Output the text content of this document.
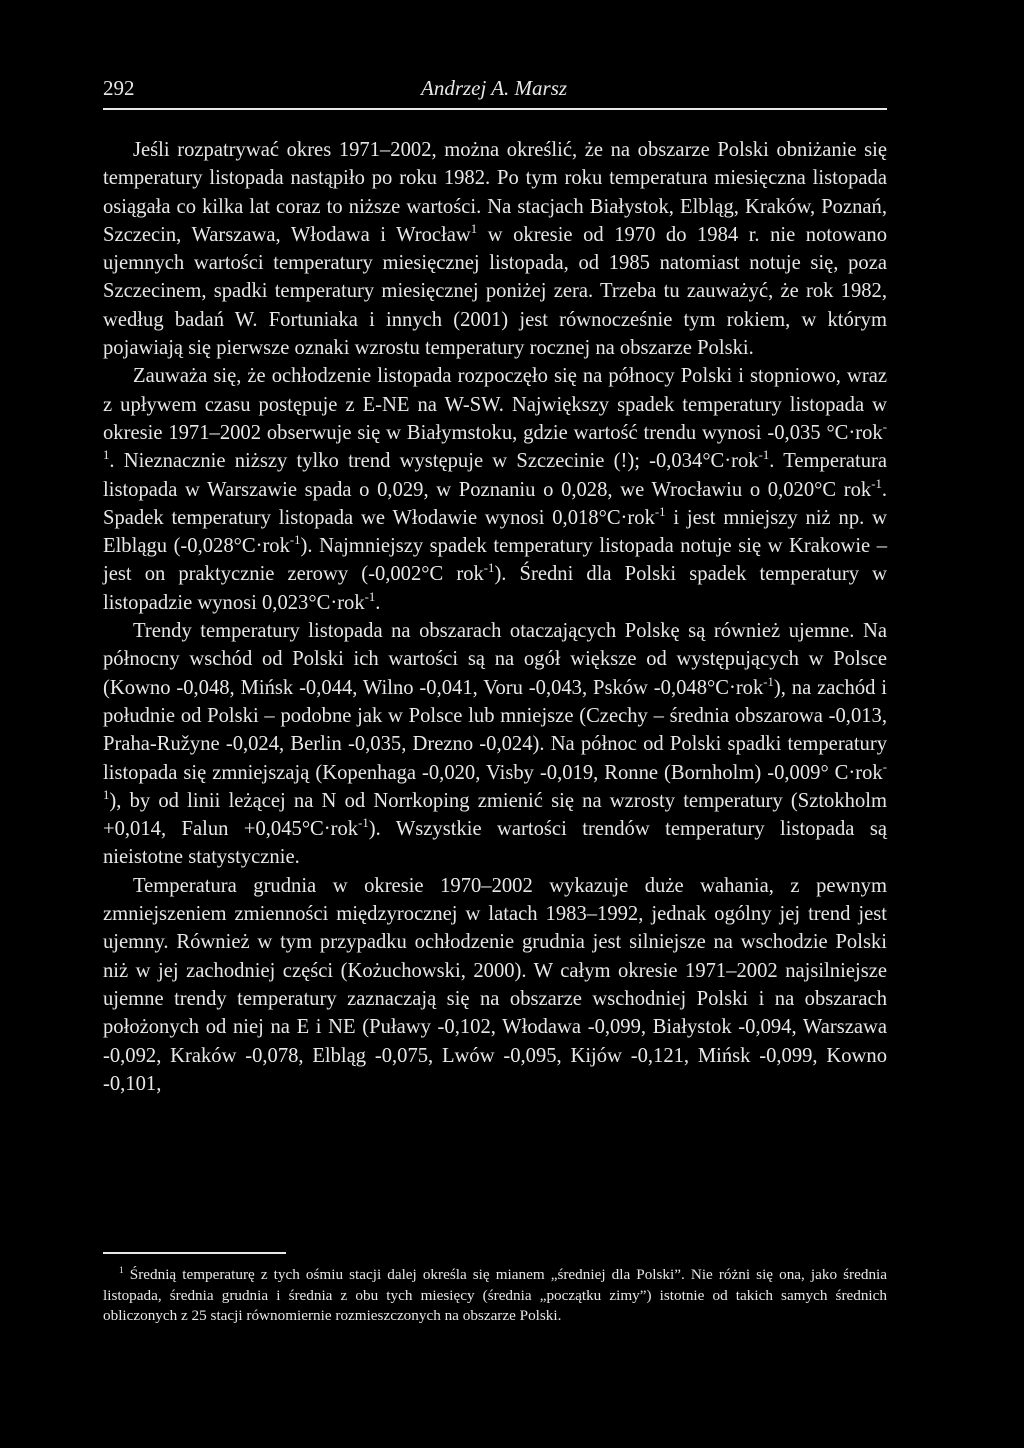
292	Andrzej A. Marsz

Jeśli rozpatrywać okres 1971–2002, można określić, że na obszarze Polski obniżanie się temperatury listopada nastąpiło po roku 1982. Po tym roku temperatura miesięczna listopada osiągała co kilka lat coraz to niższe wartości. Na stacjach Białystok, Elbląg, Kraków, Poznań, Szczecin, Warszawa, Włodawa i Wrocław$^1$ w okresie od 1970 do 1984 r. nie notowano ujemnych wartości temperatury miesięcznej listopada, od 1985 natomiast notuje się, poza Szczecinem, spadki temperatury miesięcznej poniżej zera. Trzeba tu zauważyć, że rok 1982, według badań W. Fortuniaka i innych (2001) jest równocześnie tym rokiem, w którym pojawiają się pierwsze oznaki wzrostu temperatury rocznej na obszarze Polski.

Zauważa się, że ochłodzenie listopada rozpoczęło się na północy Polski i stopniowo, wraz z upływem czasu postępuje z E-NE na W-SW. Największy spadek temperatury listopada w okresie 1971–2002 obserwuje się w Białymstoku, gdzie wartość trendu wynosi -0,035 °C·rok$^{-1}$. Nieznacznie niższy tylko trend występuje w Szczecinie (!); -0,034°C·rok$^{-1}$. Temperatura listopada w Warszawie spada o 0,029, w Poznaniu o 0,028, we Wrocławiu o 0,020°C rok$^{-1}$. Spadek temperatury listopada we Włodawie wynosi 0,018°C·rok$^{-1}$ i jest mniejszy niż np. w Elblągu (-0,028°C·rok$^{-1}$). Najmniejszy spadek temperatury listopada notuje się w Krakowie – jest on praktycznie zerowy (-0,002°C rok$^{-1}$). Średni dla Polski spadek temperatury w listopadzie wynosi 0,023°C·rok$^{-1}$.

Trendy temperatury listopada na obszarach otaczających Polskę są również ujemne. Na północny wschód od Polski ich wartości są na ogół większe od występujących w Polsce (Kowno -0,048, Mińsk -0,044, Wilno -0,041, Voru -0,043, Psków -0,048°C·rok$^{-1}$), na zachód i południe od Polski – podobne jak w Polsce lub mniejsze (Czechy – średnia obszarowa -0,013, Praha-Ružyne -0,024, Berlin -0,035, Drezno -0,024). Na północ od Polski spadki temperatury listopada się zmniejszają (Kopenhaga -0,020, Visby -0,019, Ronne (Bornholm) -0,009° C·rok$^{-1}$), by od linii leżącej na N od Norrkoping zmienić się na wzrosty temperatury (Sztokholm +0,014, Falun +0,045°C·rok$^{-1}$). Wszystkie wartości trendów temperatury listopada są nieistotne statystycznie.

Temperatura grudnia w okresie 1970–2002 wykazuje duże wahania, z pewnym zmniejszeniem zmienności międzyrocznej w latach 1983–1992, jednak ogólny jej trend jest ujemny. Również w tym przypadku ochłodzenie grudnia jest silniejsze na wschodzie Polski niż w jej zachodniej części (Kożuchowski, 2000). W całym okresie 1971–2002 najsilniejsze ujemne trendy temperatury zaznaczają się na obszarze wschodniej Polski i na obszarach położonych od niej na E i NE (Puławy -0,102, Włodawa -0,099, Białystok -0,094, Warszawa -0,092, Kraków -0,078, Elbląg -0,075, Lwów -0,095, Kijów -0,121, Mińsk -0,099, Kowno -0,101,

$^1$ Średnią temperaturę z tych ośmiu stacji dalej określa się mianem „średniej dla Polski”. Nie różni się ona, jako średnia listopada, średnia grudnia i średnia z obu tych miesięcy (średnia „początku zimy”) istotnie od takich samych średnich obliczonych z 25 stacji równomiernie rozmieszczonych na obszarze Polski.
